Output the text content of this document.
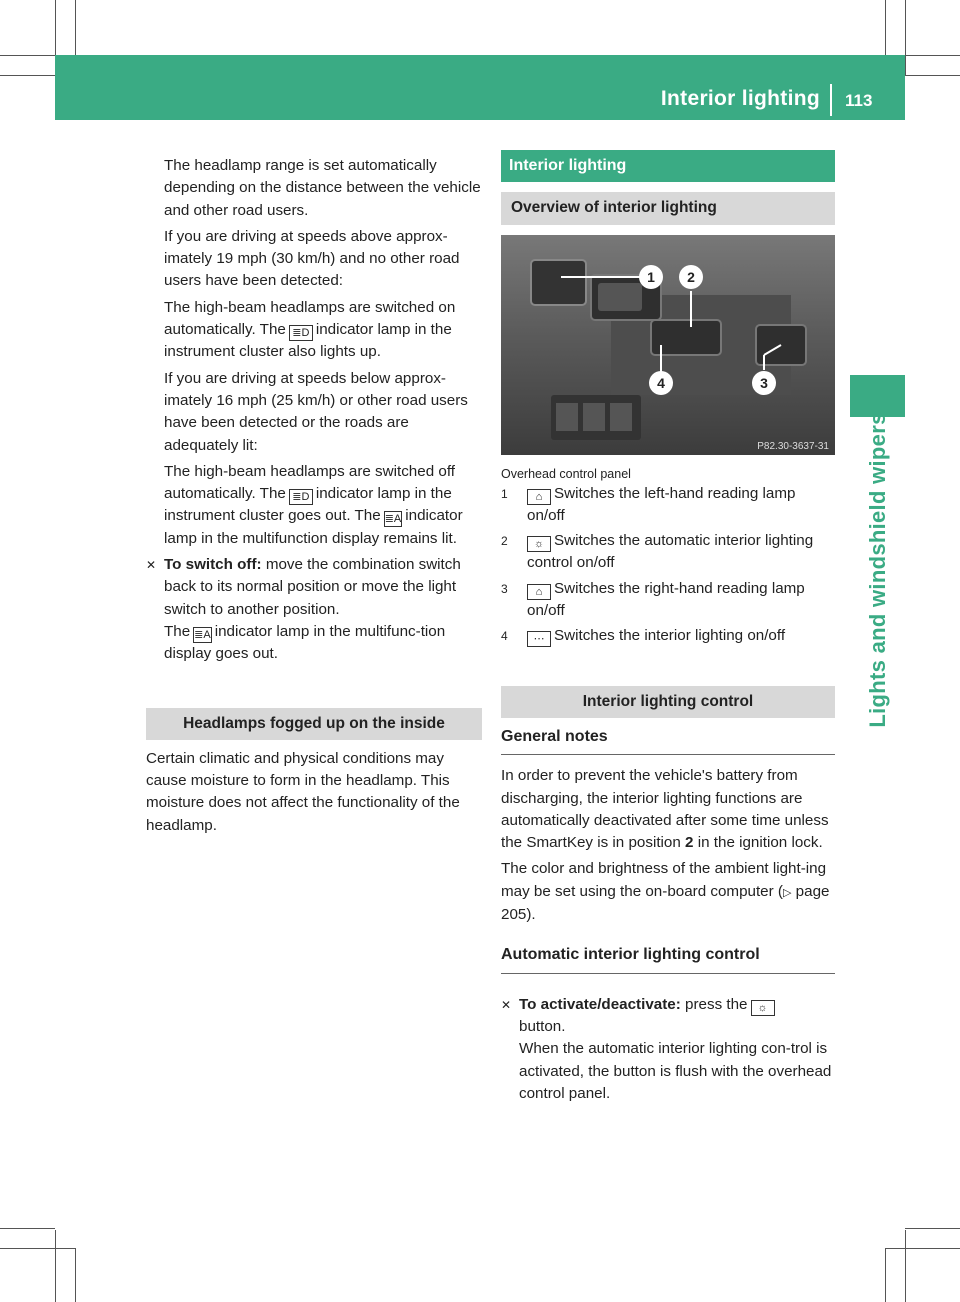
Interior lighting 113
Lights and windshield wipers

The headlamp range is set automatically depending on the distance between the vehicle and other road users.

If you are driving at speeds above approx-imately 19 mph (30 km/h) and no other road users have been detected:

The high-beam headlamps are switched on automatically. The ≣D indicator lamp in the instrument cluster also lights up.

If you are driving at speeds below approx-imately 16 mph (25 km/h) or other road users have been detected or the roads are adequately lit:

The high-beam headlamps are switched off automatically. The ≣D indicator lamp in the instrument cluster goes out. The ≣A indicator lamp in the multifunction display remains lit.

✕ To switch off: move the combination switch back to its normal position or move the light switch to another position.
The ≣A indicator lamp in the multifunc-tion display goes out.
Headlamps fogged up on the inside

Certain climatic and physical conditions may cause moisture to form in the headlamp. This moisture does not affect the functionality of the headlamp.

Interior lighting
Overview of interior lighting
1 2
3
4
P82.30-3637-31
Overhead control panel
1	⌂ Switches the left-hand reading lamp on/off
2 ☼ Switches the automatic interior lighting control on/off
3	⌂ Switches the right-hand reading lamp on/off
4 ⋯ Switches the interior lighting on/off
Interior lighting control
General notes

In order to prevent the vehicle's battery from discharging, the interior lighting functions are automatically deactivated after some time unless the SmartKey is in position 2 in the ignition lock.

The color and brightness of the ambient light-ing may be set using the on-board computer (▷ page 205).

Automatic interior lighting control
✕ To activate/deactivate: press the ☼
button.
When the automatic interior lighting con-trol is activated, the button is flush with the overhead control panel.
